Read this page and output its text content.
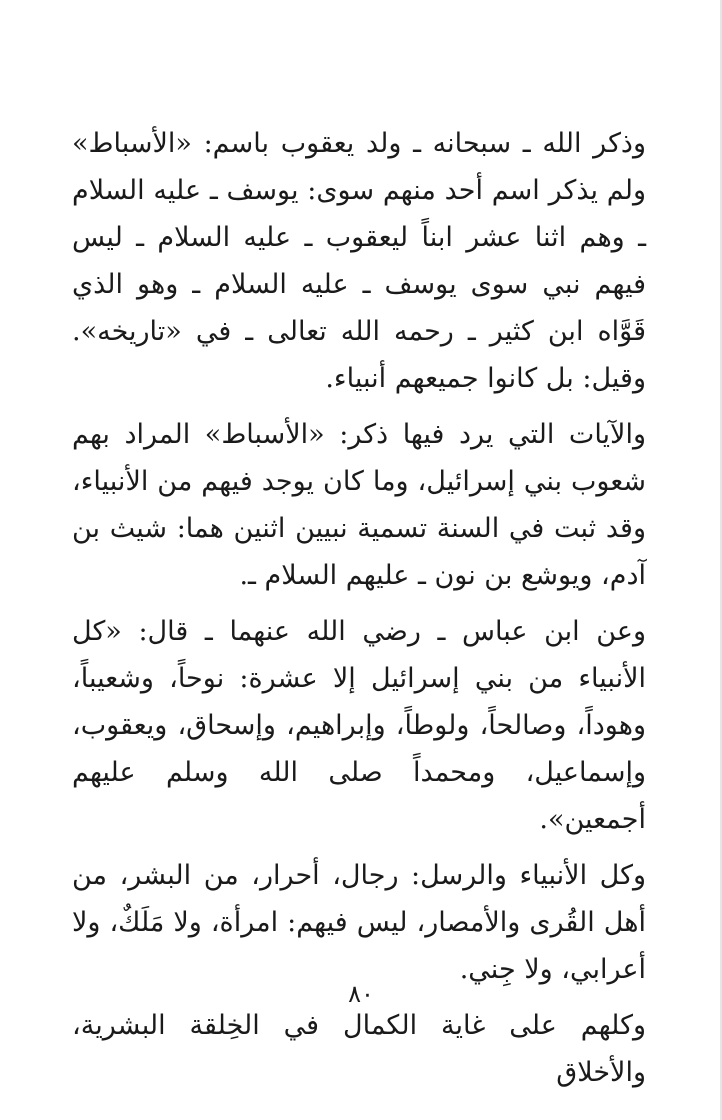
وذكر الله ـ سبحانه ـ ولد يعقوب باسم: «الأسباط» ولم يذكر اسم أحد منهم سوى: يوسف ـ عليه السلام ـ وهم اثنا عشر ابناً ليعقوب ـ عليه السلام ـ ليس فيهم نبي سوى يوسف ـ عليه السلام ـ وهو الذي قَوَّاه ابن كثير ـ رحمه الله تعالى ـ في «تاريخه». وقيل: بل كانوا جميعهم أنبياء.

والآيات التي يرد فيها ذكر: «الأسباط» المراد بهم شعوب بني إسرائيل، وما كان يوجد فيهم من الأنبياء، وقد ثبت في السنة تسمية نبيين اثنين هما: شيث بن آدم، ويوشع بن نون ـ عليهم السلام ـ.

وعن ابن عباس ـ رضي الله عنهما ـ قال: «كل الأنبياء من بني إسرائيل إلا عشرة: نوحاً، وشعيباً، وهوداً، وصالحاً، ولوطاً، وإبراهيم، وإسحاق، ويعقوب، وإسماعيل، ومحمداً صلى الله وسلم عليهم أجمعين».

وكل الأنبياء والرسل: رجال، أحرار، من البشر، من أهل القُرى والأمصار، ليس فيهم: امرأة، ولا مَلَكٌ، ولا أعرابي، ولا جِني.

وكلهم على غاية الكمال في الخِلقة البشرية، والأخلاق

٨٠
